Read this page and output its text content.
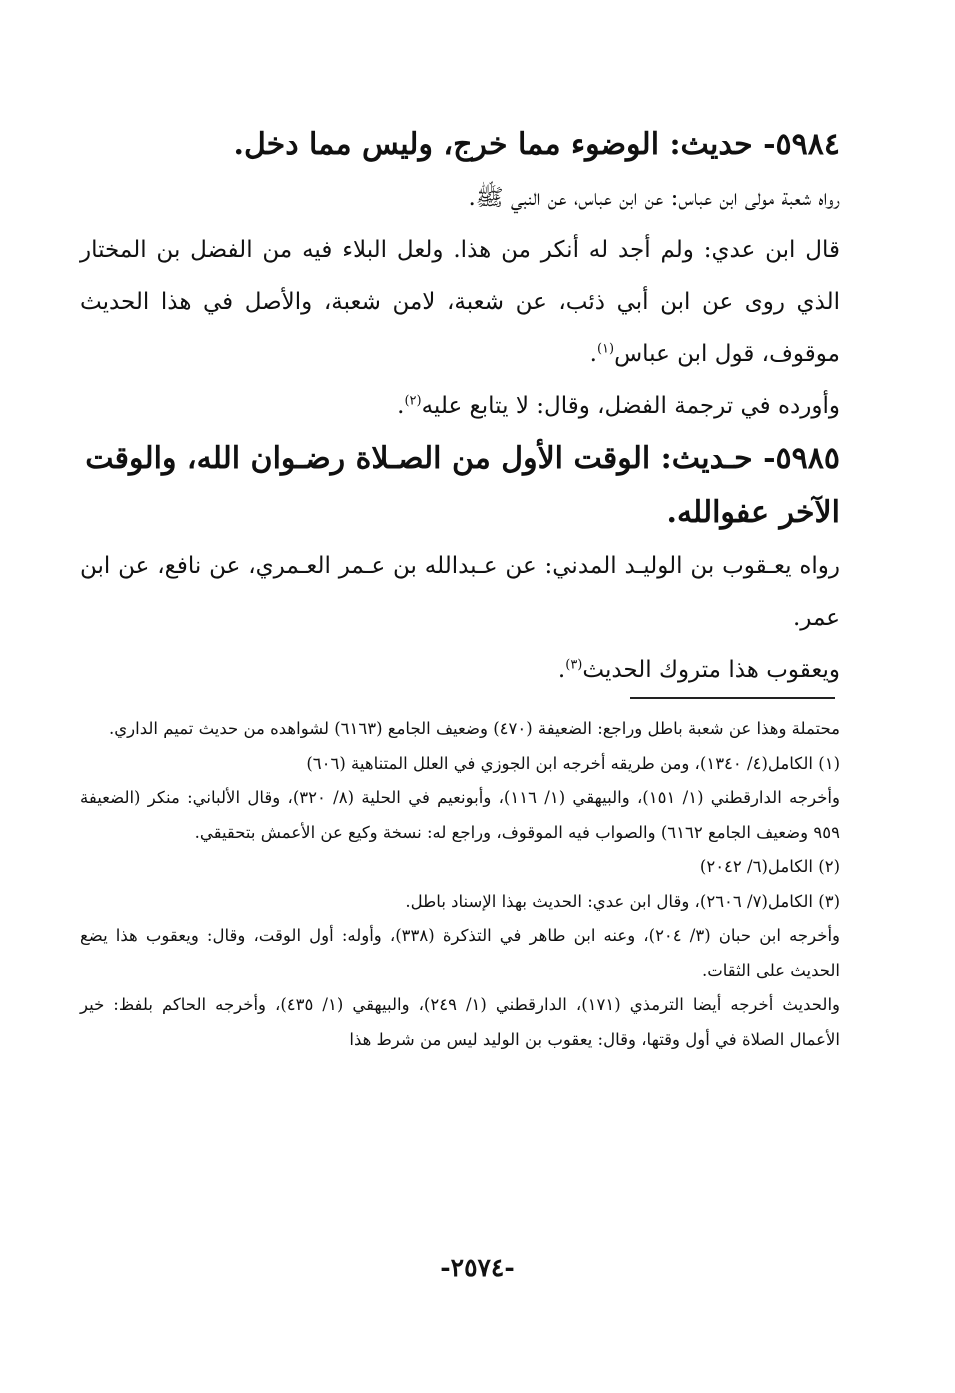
٥٩٨٤- حديث: الوضوء مما خرج، وليس مما دخل.

رواه شعبة مولى ابن عباس: عن ابن عباس، عن النبي ﷺ.

قال ابن عدي: ولم أجد له أنكر من هذا. ولعل البلاء فيه من الفضل بن المختار الذي روى عن ابن أبي ذئب، عن شعبة، لامن شعبة، والأصل في هذا الحديث موقوف، قول ابن عباس$^{(١)}$.

وأورده في ترجمة الفضل، وقال: لا يتابع عليه$^{(٢)}$.

٥٩٨٥- حـديث: الوقت الأول من الصـلاة رضـوان الله، والوقت الآخر عفوالله.

رواه يعـقوب بن الوليـد المدني: عن عـبدالله بن عـمر العـمري، عن نافع، عن ابن عمر.

ويعقوب هذا متروك الحديث$^{(٣)}$.

محتملة وهذا عن شعبة باطل وراجع: الضعيفة (٤٧٠) وضعيف الجامع (٦١٦٣) لشواهده من حديث تميم الداري.

(١) الكامل(٤/ ١٣٤٠)، ومن طريقه أخرجه ابن الجوزي في العلل المتناهية (٦٠٦)

وأخرجه الدارقطني (١/ ١٥١)، والبيهقي (١/ ١١٦)، وأبونعيم في الحلية (٨/ ٣٢٠)، وقال الألباني: منكر (الضعيفة ٩٥٩ وضعيف الجامع ٦١٦٢) والصواب فيه الموقوف، وراجع له: نسخة وكيع عن الأعمش بتحقيقي.

(٢) الكامل(٦/ ٢٠٤٢)

(٣) الكامل(٧/ ٢٦٠٦)، وقال ابن عدي: الحديث بهذا الإسناد باطل.

وأخرجه ابن حبان (٣/ ٢٠٤)، وعنه ابن طاهر في التذكرة (٣٣٨)، وأوله: أول الوقت، وقال: ويعقوب هذا يضع الحديث على الثقات.

والحديث أخرجه أيضا الترمذي (١٧١)، الدارقطني (١/ ٢٤٩)، والبيهقي (١/ ٤٣٥)، وأخرجه الحاكم بلفظ: خير الأعمال الصلاة في أول وقتها، وقال: يعقوب بن الوليد ليس من شرط هذا

-٢٥٧٤-
